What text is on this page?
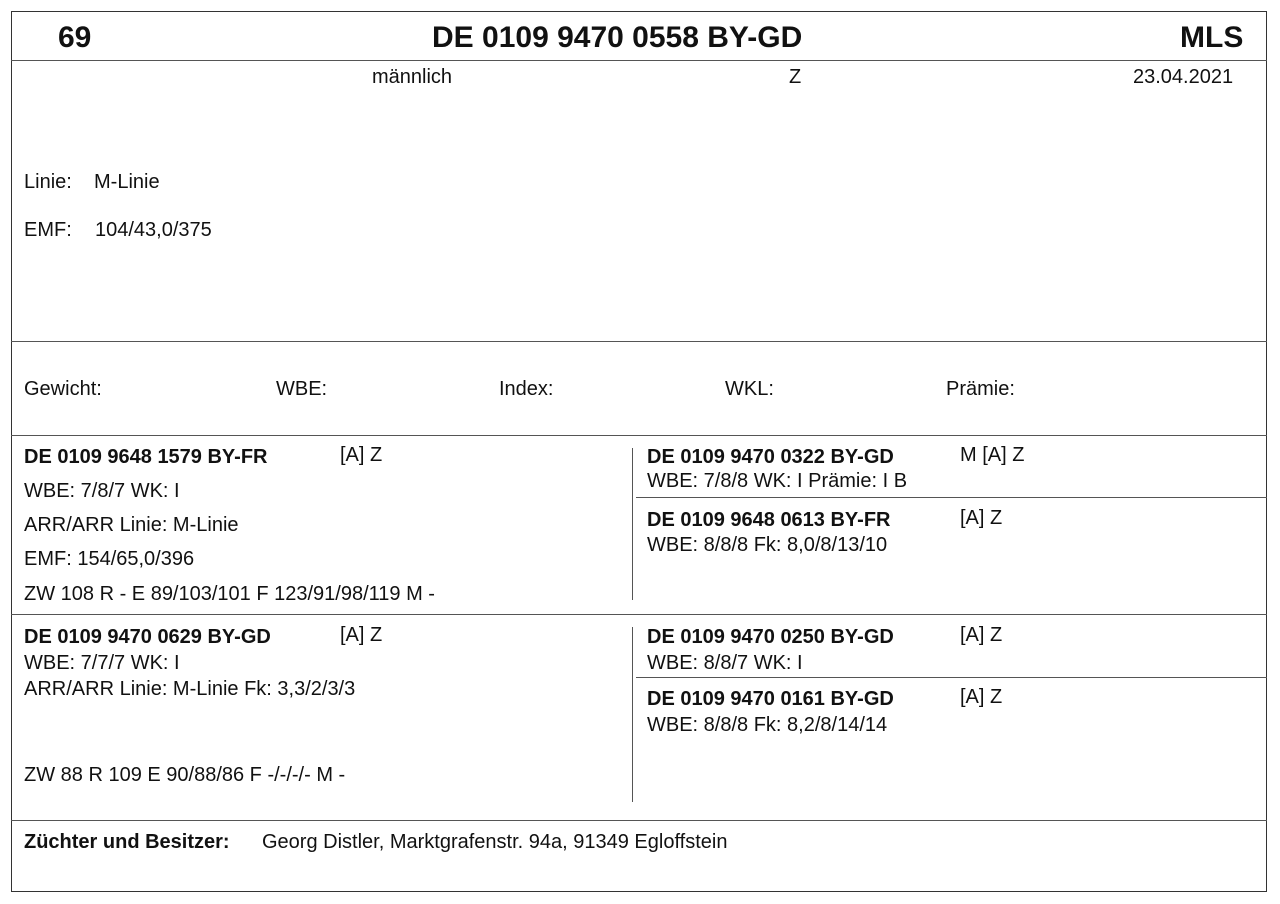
69	DE 0109 9470 0558 BY-GD	MLS
männlich	Z	23.04.2021
Linie: M-Linie
EMF: 104/43,0/375
Gewicht:	WBE:	Index:	WKL:	Prämie:
DE 0109 9648 1579 BY-FR	[A] Z
WBE: 7/8/7 WK: I
ARR/ARR Linie: M-Linie
EMF: 154/65,0/396
ZW 108 R - E 89/103/101 F 123/91/98/119 M -
DE 0109 9470 0322 BY-GD	M [A] Z
WBE: 7/8/8 WK: I Prämie: I B
DE 0109 9648 0613 BY-FR	[A] Z
WBE: 8/8/8 Fk: 8,0/8/13/10
DE 0109 9470 0629 BY-GD	[A] Z
WBE: 7/7/7 WK: I
ARR/ARR Linie: M-Linie Fk: 3,3/2/3/3
ZW 88 R 109 E 90/88/86 F -/-/-/- M -
DE 0109 9470 0250 BY-GD	[A] Z
WBE: 8/8/7 WK: I
DE 0109 9470 0161 BY-GD	[A] Z
WBE: 8/8/8 Fk: 8,2/8/14/14
Züchter und Besitzer: Georg Distler, Marktgrafenstr. 94a, 91349 Egloffstein
